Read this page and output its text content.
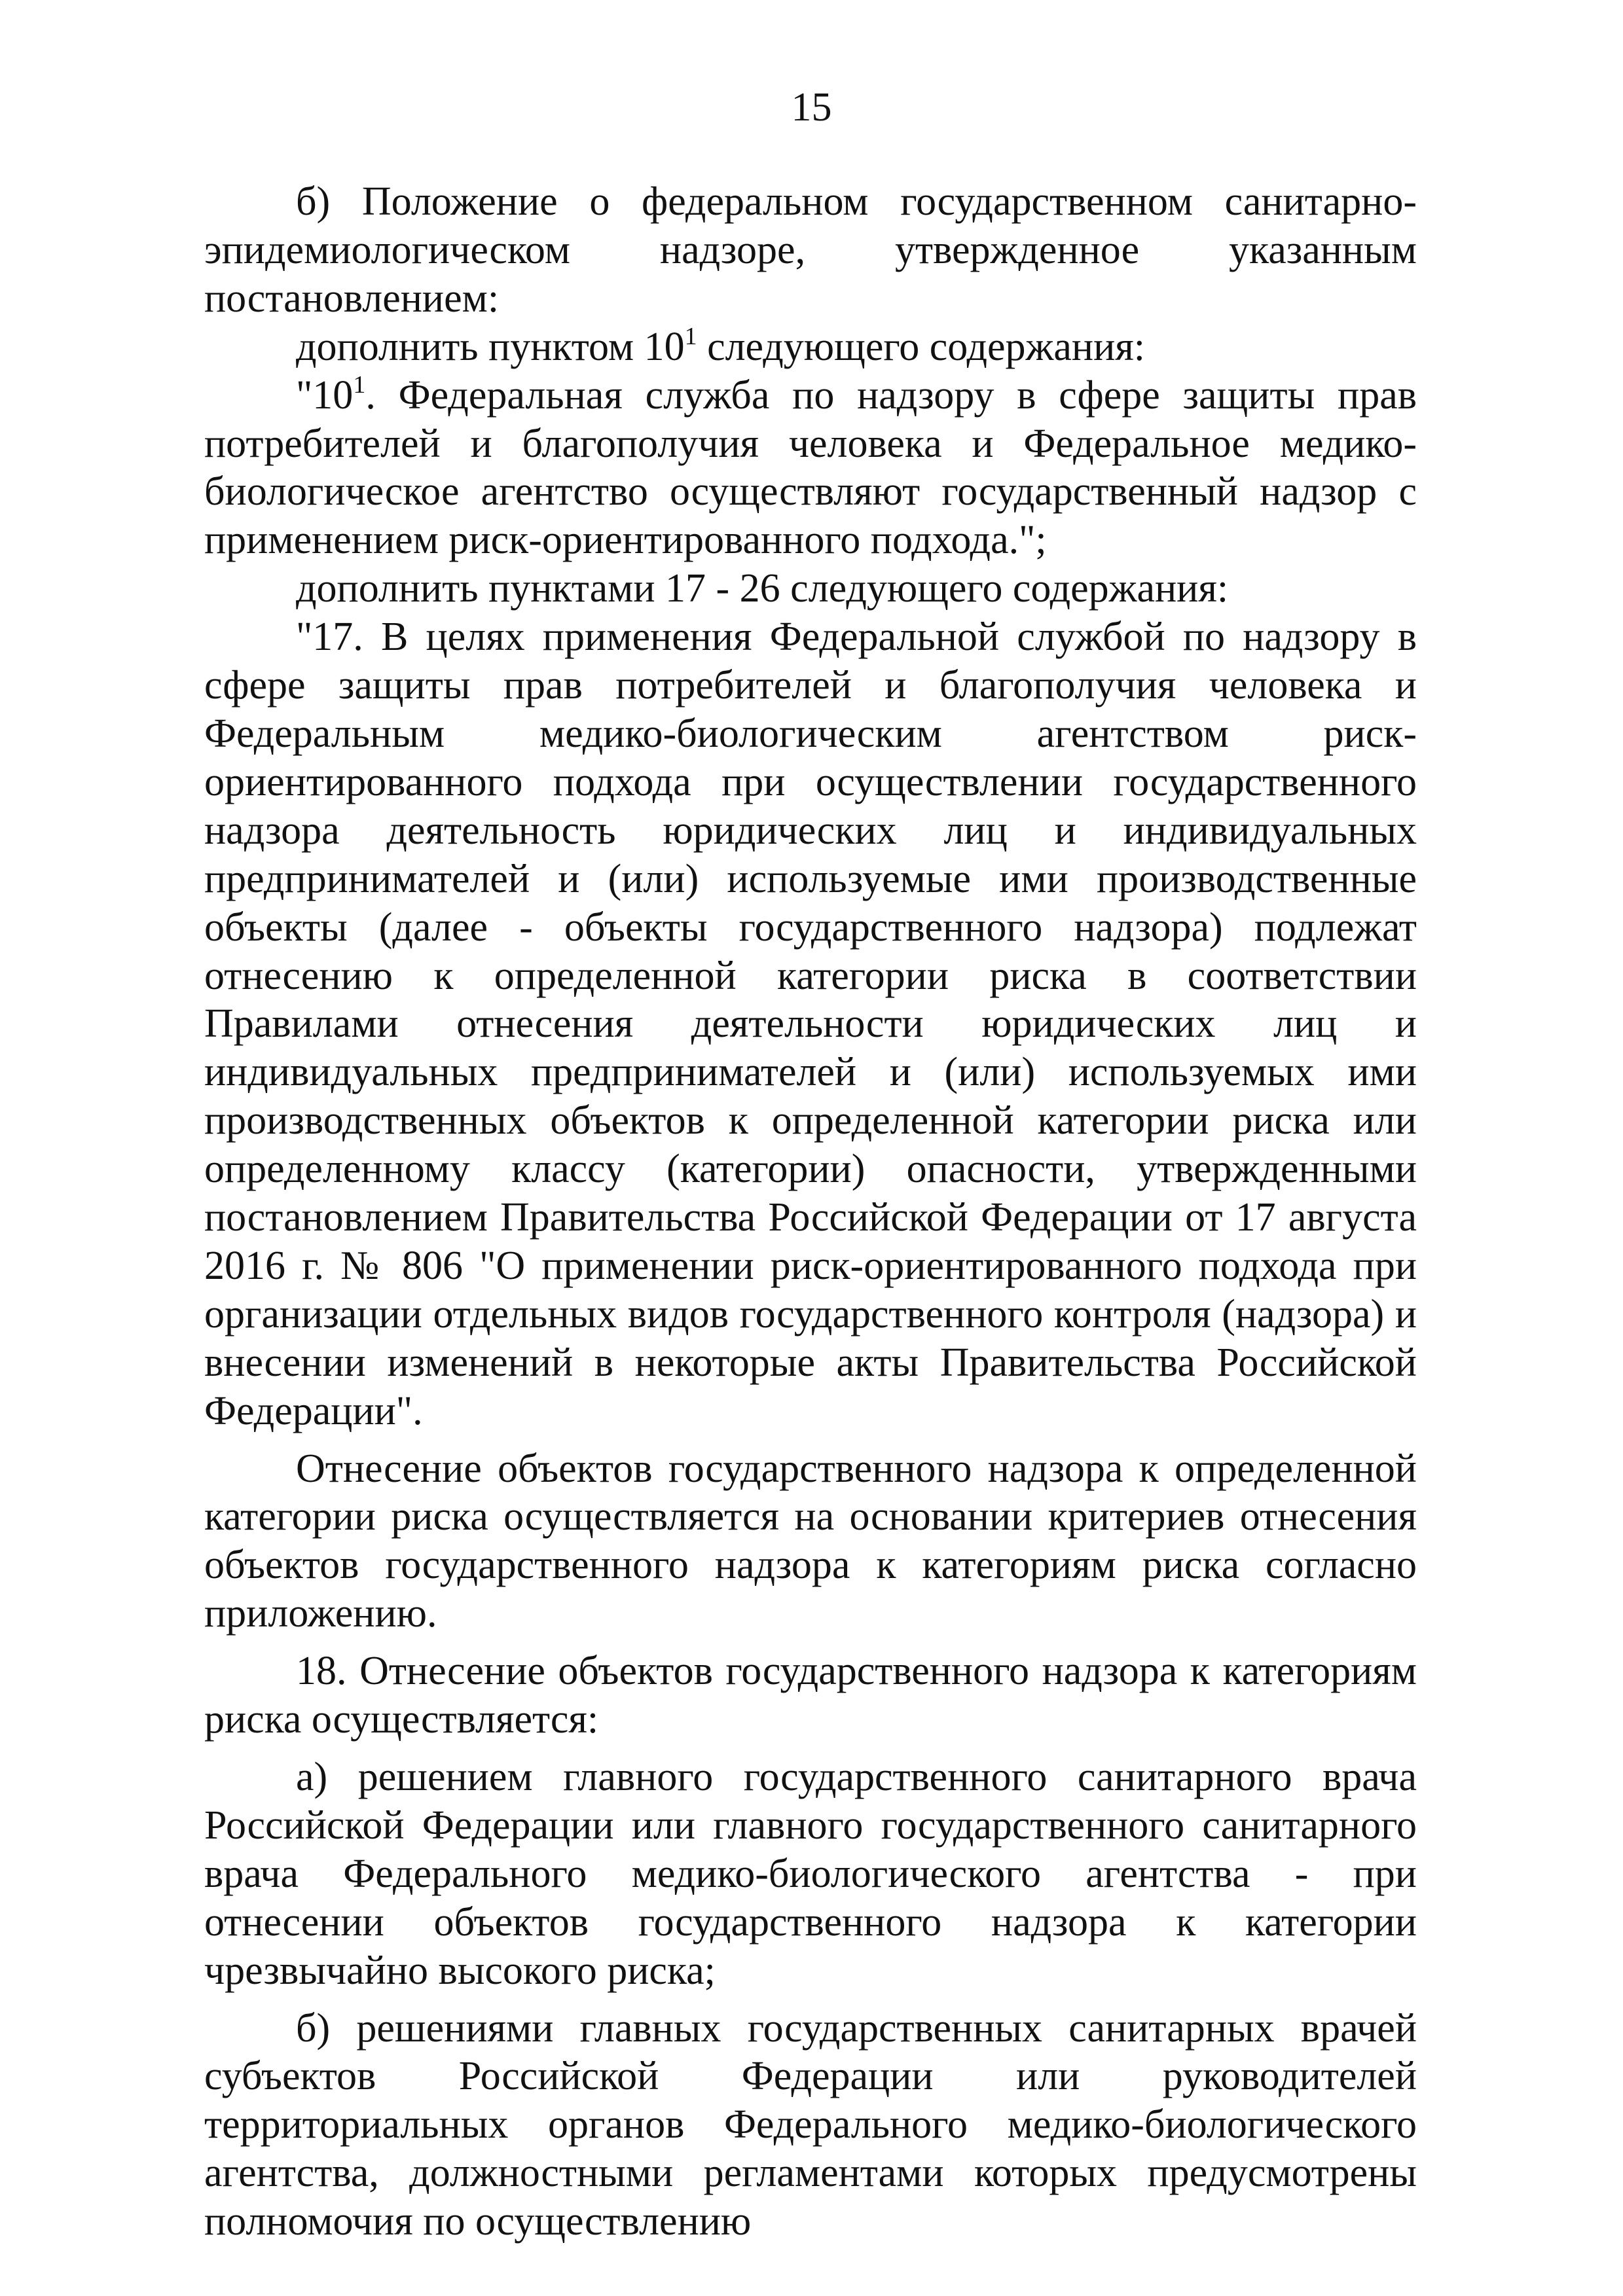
15

б) Положение о федеральном государственном санитарно-эпидемиологическом надзоре, утвержденное указанным постановлением:

дополнить пунктом $10^1$ следующего содержания:

"$10^1$. Федеральная служба по надзору в сфере защиты прав потребителей и благополучия человека и Федеральное медико-биологическое агентство осуществляют государственный надзор с применением риск-ориентированного подхода.";

дополнить пунктами 17 - 26 следующего содержания:

"17. В целях применения Федеральной службой по надзору в сфере защиты прав потребителей и благополучия человека и Федеральным медико-биологическим агентством риск-ориентированного подхода при осуществлении государственного надзора деятельность юридических лиц и индивидуальных предпринимателей и (или) используемые ими производственные объекты (далее - объекты государственного надзора) подлежат отнесению к определенной категории риска в соответствии Правилами отнесения деятельности юридических лиц и индивидуальных предпринимателей и (или) используемых ими производственных объектов к определенной категории риска или определенному классу (категории) опасности, утвержденными постановлением Правительства Российской Федерации от 17 августа 2016 г. № 806 "О применении риск-ориентированного подхода при организации отдельных видов государственного контроля (надзора) и внесении изменений в некоторые акты Правительства Российской Федерации".

Отнесение объектов государственного надзора к определенной категории риска осуществляется на основании критериев отнесения объектов государственного надзора к категориям риска согласно приложению.

18. Отнесение объектов государственного надзора к категориям риска осуществляется:

а) решением главного государственного санитарного врача Российской Федерации или главного государственного санитарного врача Федерального медико-биологического агентства - при отнесении объектов государственного надзора к категории чрезвычайно высокого риска;

б) решениями главных государственных санитарных врачей субъектов Российской Федерации или руководителей территориальных органов Федерального медико-биологического агентства, должностными регламентами которых предусмотрены полномочия по осуществлению
